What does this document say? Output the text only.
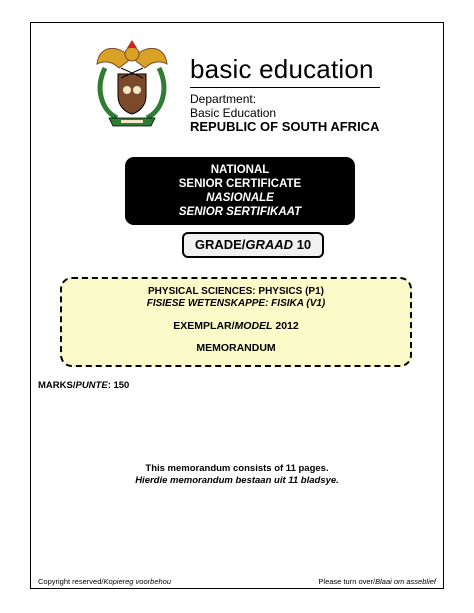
basic education
Department:
Basic Education
REPUBLIC OF SOUTH AFRICA
NATIONAL
SENIOR CERTIFICATE
NASIONALE
SENIOR SERTIFIKAAT
GRADE/GRAAD 10
PHYSICAL SCIENCES: PHYSICS (P1)
FISIESE WETENSKAPPE: FISIKA (V1)
EXEMPLAR/MODEL 2012
MEMORANDUM
MARKS/PUNTE: 150
This memorandum consists of 11 pages.
Hierdie memorandum bestaan uit 11 bladsye.
Copyright reserved/Kopiereg voorbehou	Please turn over/Blaai om asseblief
